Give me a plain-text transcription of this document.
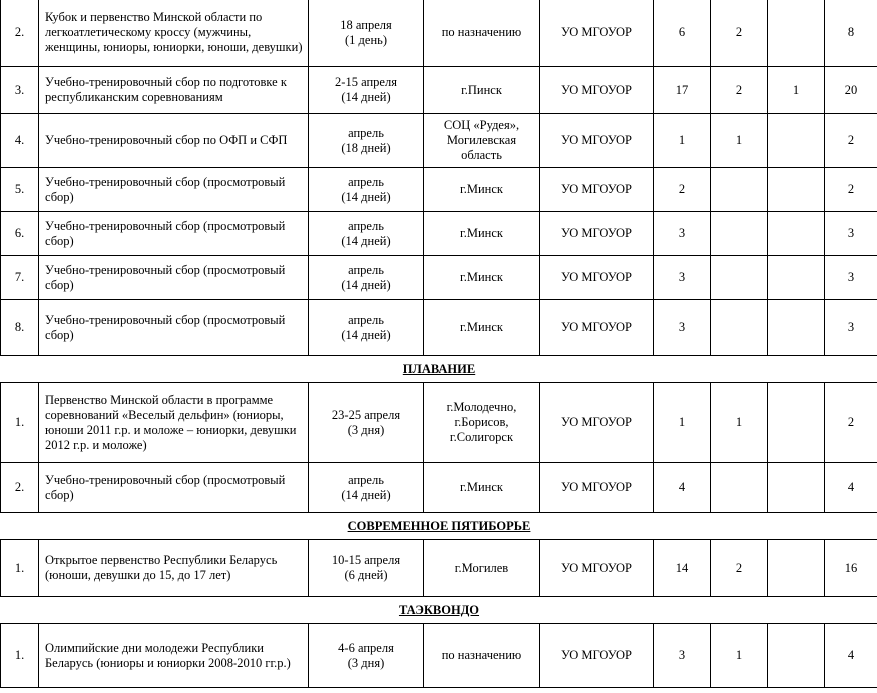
2.	Кубок и первенство Минской области по легкоатлетическому кроссу (мужчины, женщины, юниоры, юниорки, юноши, девушки)	18 апреля
(1 день)	по назначению	УО МГОУОР	6	2		8
3.	Учебно-тренировочный сбор по подготовке к республиканским соревнованиям	2-15 апреля
(14 дней)	г.Пинск	УО МГОУОР	17	2	1	20
4.	Учебно-тренировочный сбор по ОФП и СФП	апрель
(18 дней)	СОЦ «Рудея», Могилевская область	УО МГОУОР	1	1		2
5.	Учебно-тренировочный сбор (просмотровый сбор)	апрель
(14 дней)	г.Минск	УО МГОУОР	2			2
6.	Учебно-тренировочный сбор (просмотровый сбор)	апрель
(14 дней)	г.Минск	УО МГОУОР	3			3
7.	Учебно-тренировочный сбор (просмотровый сбор)	апрель
(14 дней)	г.Минск	УО МГОУОР	3			3
8.	Учебно-тренировочный сбор (просмотровый сбор)	апрель
(14 дней)	г.Минск	УО МГОУОР	3			3
ПЛАВАНИЕ								
1.	Первенство Минской области в программе соревнований «Веселый дельфин» (юниоры, юноши 2011 г.р. и моложе – юниорки, девушки 2012 г.р. и моложе)	23-25 апреля
(3 дня)	г.Молодечно, г.Борисов, г.Солигорск	УО МГОУОР	1	1		2
2.	Учебно-тренировочный сбор (просмотровый сбор)	апрель
(14 дней)	г.Минск	УО МГОУОР	4			4
СОВРЕМЕННОЕ ПЯТИБОРЬЕ								
1.	Открытое первенство Республики Беларусь (юноши, девушки до 15, до 17 лет)	10-15 апреля
(6 дней)	г.Могилев	УО МГОУОР	14	2		16
ТАЭКВОНДО								
1.	Олимпийские дни молодежи Республики Беларусь (юниоры и юниорки 2008-2010 гг.р.)	4-6 апреля
(3 дня)	по назначению	УО МГОУОР	3	1		4
